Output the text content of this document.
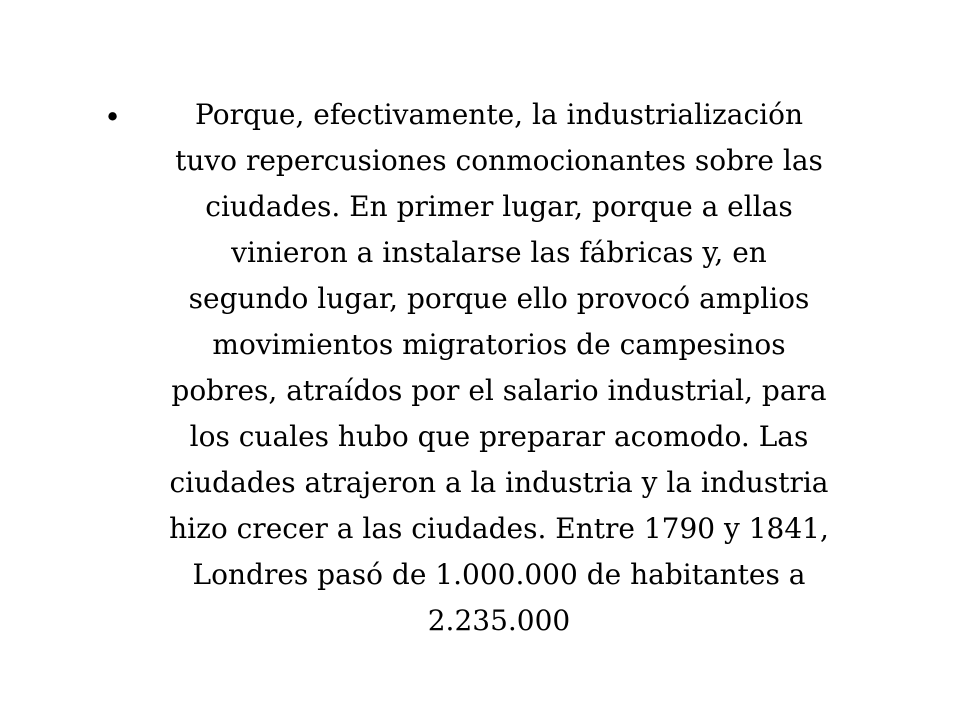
•	Porque, efectivamente, la industrialización
tuvo repercusiones conmocionantes sobre las
ciudades. En primer lugar, porque a ellas
vinieron a instalarse las fábricas y, en
segundo lugar, porque ello provocó amplios
movimientos migratorios de campesinos
pobres, atraídos por el salario industrial, para
los cuales hubo que preparar acomodo. Las
ciudades atrajeron a la industria y la industria
hizo crecer a las ciudades. Entre 1790 y 1841,
Londres pasó de 1.000.000 de habitantes a
2.235.000
